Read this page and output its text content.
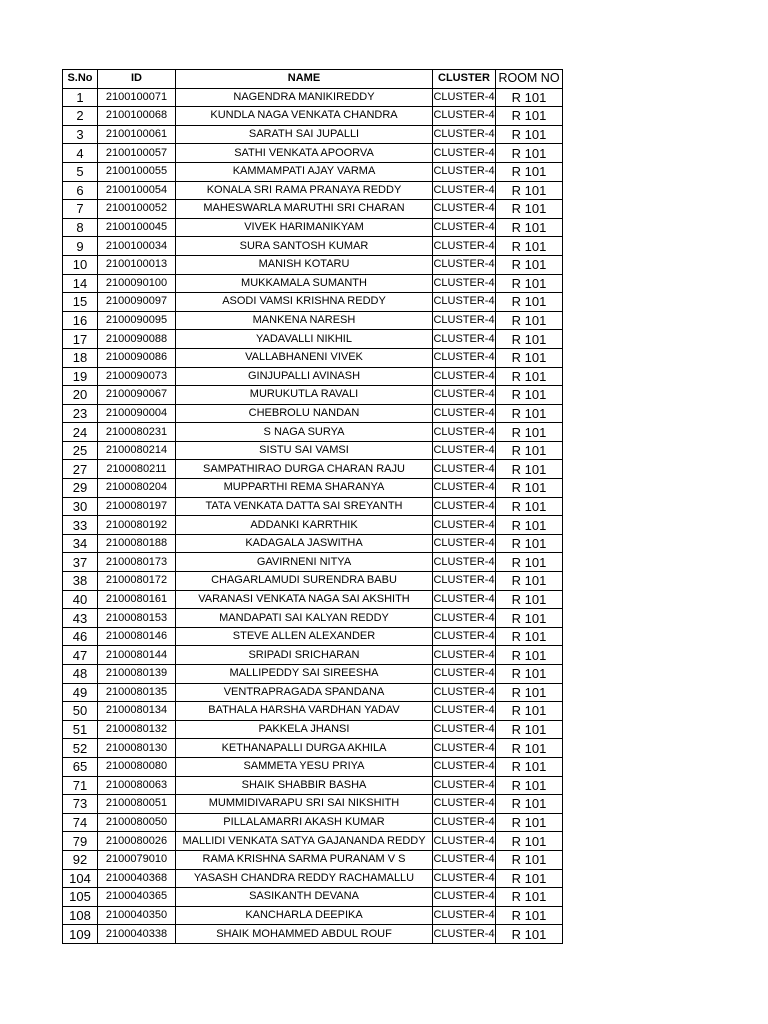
S.No	ID	NAME	CLUSTER	ROOM NO
1	2100100071	NAGENDRA MANIKIREDDY	CLUSTER-4	R 101
2	2100100068	KUNDLA NAGA VENKATA CHANDRA	CLUSTER-4	R 101
3	2100100061	SARATH SAI JUPALLI	CLUSTER-4	R 101
4	2100100057	SATHI VENKATA APOORVA	CLUSTER-4	R 101
5	2100100055	KAMMAMPATI AJAY VARMA	CLUSTER-4	R 101
6	2100100054	KONALA SRI RAMA PRANAYA REDDY	CLUSTER-4	R 101
7	2100100052	MAHESWARLA MARUTHI SRI CHARAN	CLUSTER-4	R 101
8	2100100045	VIVEK HARIMANIKYAM	CLUSTER-4	R 101
9	2100100034	SURA SANTOSH KUMAR	CLUSTER-4	R 101
10	2100100013	MANISH KOTARU	CLUSTER-4	R 101
14	2100090100	MUKKAMALA SUMANTH	CLUSTER-4	R 101
15	2100090097	ASODI VAMSI KRISHNA REDDY	CLUSTER-4	R 101
16	2100090095	MANKENA NARESH	CLUSTER-4	R 101
17	2100090088	YADAVALLI NIKHIL	CLUSTER-4	R 101
18	2100090086	VALLABHANENI VIVEK	CLUSTER-4	R 101
19	2100090073	GINJUPALLI AVINASH	CLUSTER-4	R 101
20	2100090067	MURUKUTLA RAVALI	CLUSTER-4	R 101
23	2100090004	CHEBROLU NANDAN	CLUSTER-4	R 101
24	2100080231	S NAGA SURYA	CLUSTER-4	R 101
25	2100080214	SISTU SAI VAMSI	CLUSTER-4	R 101
27	2100080211	SAMPATHIRAO DURGA CHARAN RAJU	CLUSTER-4	R 101
29	2100080204	MUPPARTHI REMA SHARANYA	CLUSTER-4	R 101
30	2100080197	TATA VENKATA DATTA SAI SREYANTH	CLUSTER-4	R 101
33	2100080192	ADDANKI KARRTHIK	CLUSTER-4	R 101
34	2100080188	KADAGALA JASWITHA	CLUSTER-4	R 101
37	2100080173	GAVIRNENI NITYA	CLUSTER-4	R 101
38	2100080172	CHAGARLAMUDI SURENDRA BABU	CLUSTER-4	R 101
40	2100080161	VARANASI VENKATA NAGA SAI AKSHITH	CLUSTER-4	R 101
43	2100080153	MANDAPATI SAI KALYAN REDDY	CLUSTER-4	R 101
46	2100080146	STEVE ALLEN ALEXANDER	CLUSTER-4	R 101
47	2100080144	SRIPADI SRICHARAN	CLUSTER-4	R 101
48	2100080139	MALLIPEDDY SAI SIREESHA	CLUSTER-4	R 101
49	2100080135	VENTRAPRAGADA SPANDANA	CLUSTER-4	R 101
50	2100080134	BATHALA HARSHA VARDHAN YADAV	CLUSTER-4	R 101
51	2100080132	PAKKELA JHANSI	CLUSTER-4	R 101
52	2100080130	KETHANAPALLI DURGA AKHILA	CLUSTER-4	R 101
65	2100080080	SAMMETA YESU PRIYA	CLUSTER-4	R 101
71	2100080063	SHAIK SHABBIR BASHA	CLUSTER-4	R 101
73	2100080051	MUMMIDIVARAPU SRI SAI NIKSHITH	CLUSTER-4	R 101
74	2100080050	PILLALAMARRI AKASH KUMAR	CLUSTER-4	R 101
79	2100080026	MALLIDI VENKATA SATYA GAJANANDA REDDY	CLUSTER-4	R 101
92	2100079010	RAMA KRISHNA SARMA PURANAM V S	CLUSTER-4	R 101
104	2100040368	YASASH CHANDRA REDDY RACHAMALLU	CLUSTER-4	R 101
105	2100040365	SASIKANTH DEVANA	CLUSTER-4	R 101
108	2100040350	KANCHARLA DEEPIKA	CLUSTER-4	R 101
109	2100040338	SHAIK MOHAMMED ABDUL ROUF	CLUSTER-4	R 101
